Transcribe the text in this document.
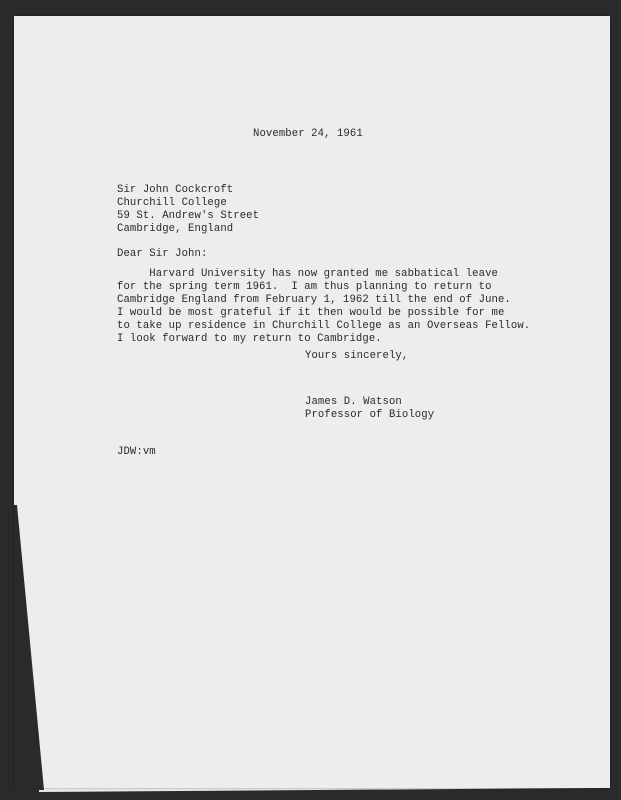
November 24, 1961
Sir John Cockcroft
Churchill College
59 St. Andrew's Street
Cambridge, England
Dear Sir John:
Harvard University has now granted me sabbatical leave
for the spring term 1961.  I am thus planning to return to
Cambridge England from February 1, 1962 till the end of June.
I would be most grateful if it then would be possible for me
to take up residence in Churchill College as an Overseas Fellow.
I look forward to my return to Cambridge.
Yours sincerely,
James D. Watson
Professor of Biology
JDW:vm
